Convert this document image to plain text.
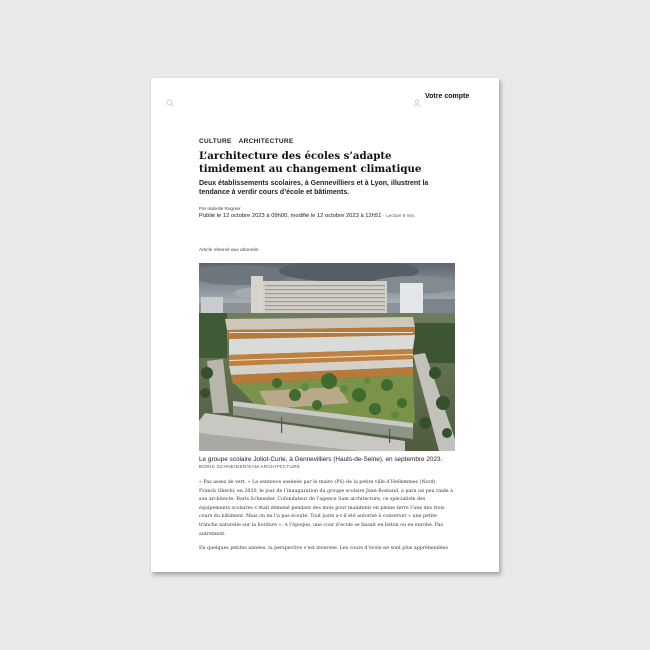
Votre compte
CULTURE ARCHITECTURE
L’architecture des écoles s’adapte timidement au changement climatique

Deux établissements scolaires, à Gennevilliers et à Lyon, illustrent la tendance à verdir cours d’école et bâtiments.

Par Isabelle Regnier
Publié le 12 octobre 2023 à 09h00, modifié le 12 octobre 2023 à 12h51 - Lecture 6 min.
Article réservé aux abonnés
Le groupe scolaire Joliot-Curie, à Gennevilliers (Hauts-de-Seine), en septembre 2023.
BORIS SCHNEIDER/SAM ARCHITECTURE

« Pas assez de vert. » La sentence assénée par le maire (PS) de la petite ville d’Hellemmes (Nord), Franck Gherbi, en 2020, le jour de l’inauguration du groupe scolaire Jean-Rostand, a paru un peu raide à son architecte, Boris Schneider. Cofondateur de l’agence Sam architecture, ce spécialiste des équipements scolaires s’était démené pendant des mois pour maintenir en pleine terre l’une des trois cours du bâtiment. Mais on ne l’a pas écouté. Tout juste a-t-il été autorisé à conserver « une petite tranche naturelle sur la bordure ». A l’époque, une cour d’école se faisait en béton ou en enrobé. Pas autrement.

En quelques petites années, la perspective s’est inversée. Les cours d’école ne sont plus appréhendées
